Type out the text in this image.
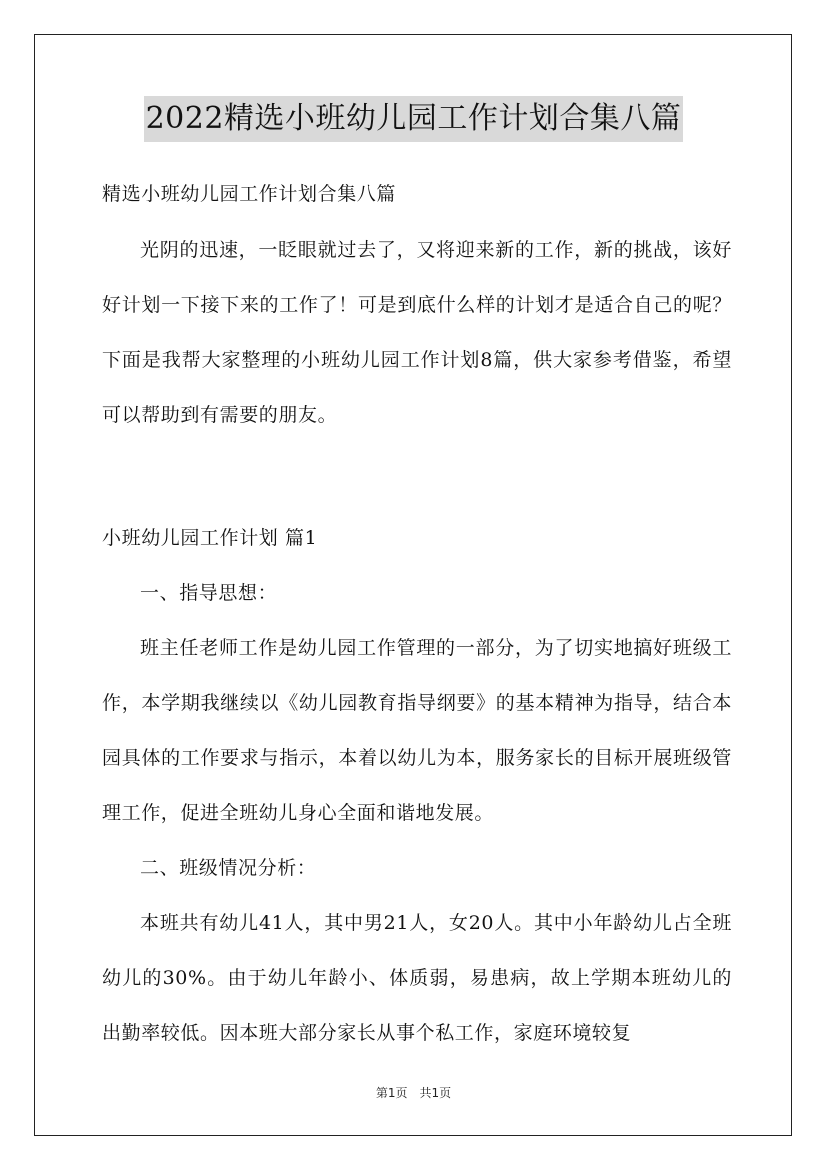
2022精选小班幼儿园工作计划合集八篇

精选小班幼儿园工作计划合集八篇

光阴的迅速，一眨眼就过去了，又将迎来新的工作，新的挑战，该好好计划一下接下来的工作了！可是到底什么样的计划才是适合自己的呢？下面是我帮大家整理的小班幼儿园工作计划8篇，供大家参考借鉴，希望可以帮助到有需要的朋友。

小班幼儿园工作计划 篇1

一、指导思想：

班主任老师工作是幼儿园工作管理的一部分，为了切实地搞好班级工作，本学期我继续以《幼儿园教育指导纲要》的基本精神为指导，结合本园具体的工作要求与指示，本着以幼儿为本，服务家长的目标开展班级管理工作，促进全班幼儿身心全面和谐地发展。

二、班级情况分析：

本班共有幼儿41人，其中男21人，女20人。其中小年龄幼儿占全班幼儿的30%。由于幼儿年龄小、体质弱，易患病，故上学期本班幼儿的出勤率较低。因本班大部分家长从事个私工作，家庭环境较复

第1页　共1页
